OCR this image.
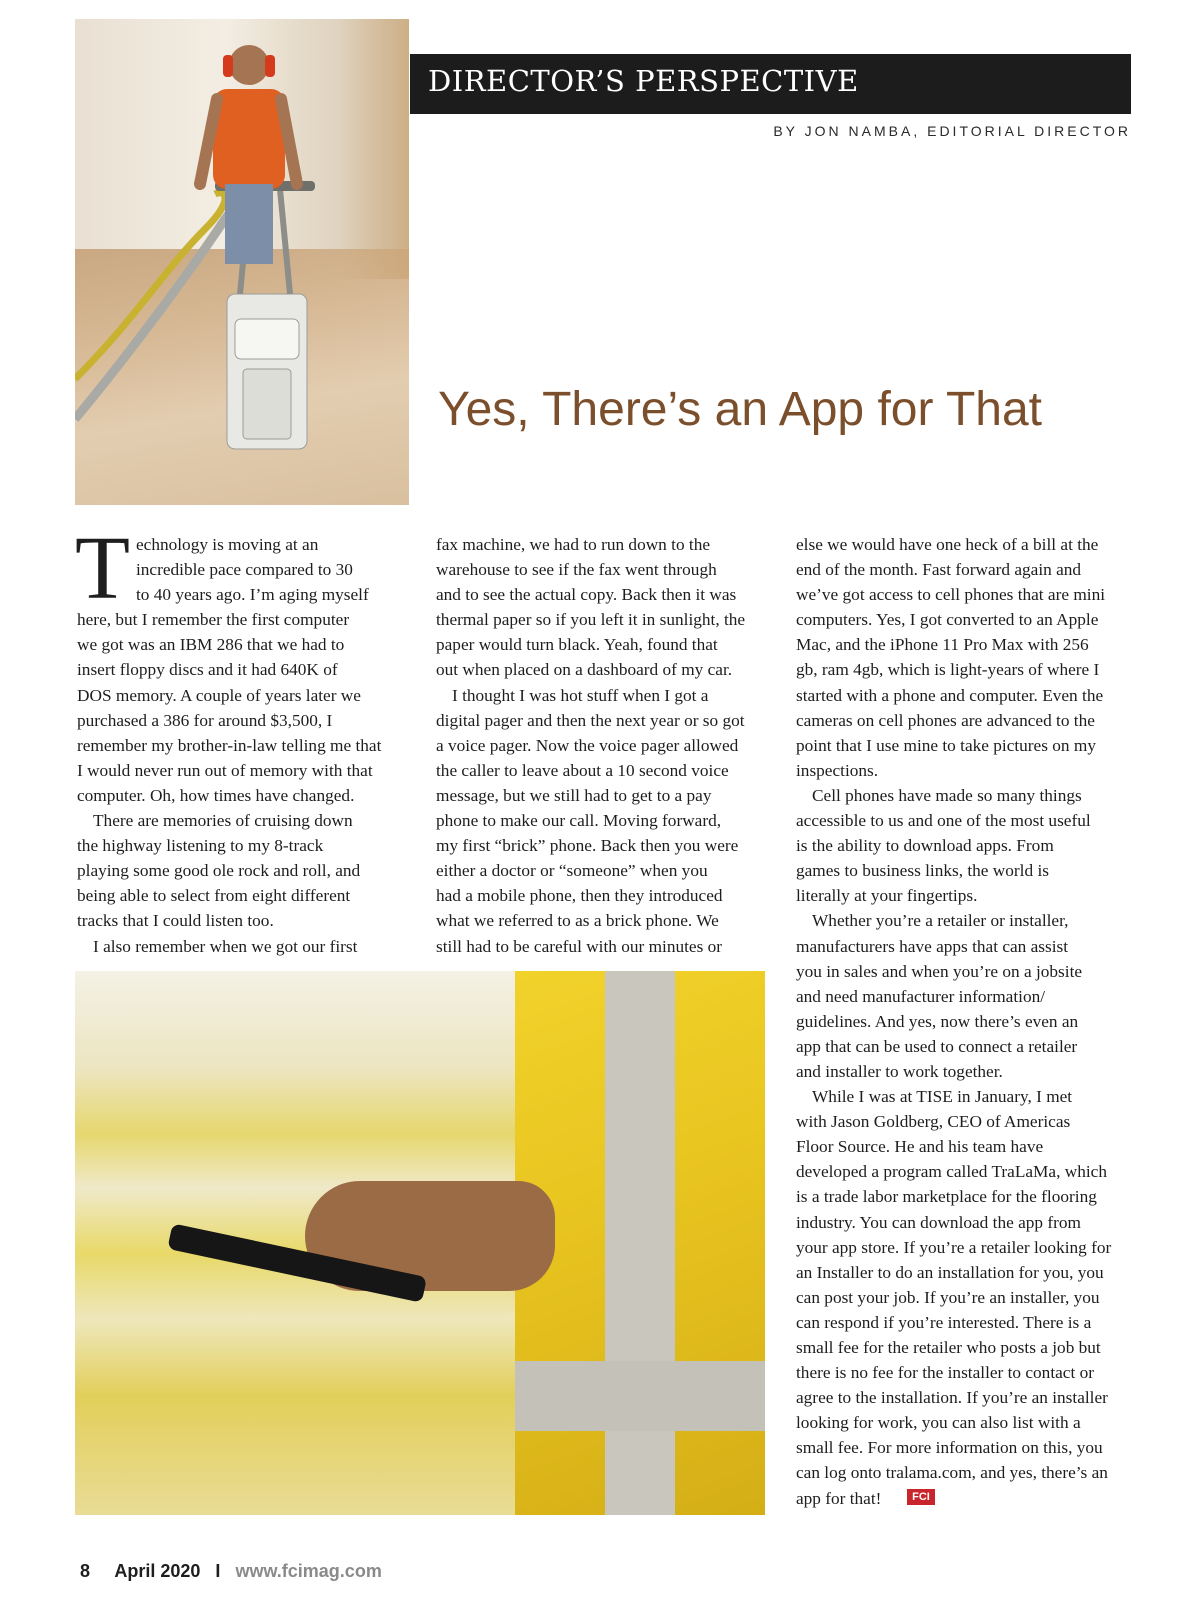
DIRECTOR’S PERSPECTIVE
BY JON NAMBA, EDITORIAL DIRECTOR
Yes, There’s an App for That

T echnology is moving at an
incredible pace compared to 30
to 40 years ago. I’m aging myself
here, but I remember the first computer
we got was an IBM 286 that we had to
insert floppy discs and it had 640K of
DOS memory. A couple of years later we
purchased a 386 for around $3,500, I
remember my brother-in-law telling me that
I would never run out of memory with that
computer. Oh, how times have changed.

There are memories of cruising down
the highway listening to my 8-track
playing some good ole rock and roll, and
being able to select from eight different
tracks that I could listen too.

I also remember when we got our first

fax machine, we had to run down to the
warehouse to see if the fax went through
and to see the actual copy. Back then it was
thermal paper so if you left it in sunlight, the
paper would turn black. Yeah, found that
out when placed on a dashboard of my car.

I thought I was hot stuff when I got a
digital pager and then the next year or so got
a voice pager. Now the voice pager allowed
the caller to leave about a 10 second voice
message, but we still had to get to a pay
phone to make our call. Moving forward,
my first “brick” phone. Back then you were
either a doctor or “someone” when you
had a mobile phone, then they introduced
what we referred to as a brick phone. We
still had to be careful with our minutes or

else we would have one heck of a bill at the
end of the month. Fast forward again and
we’ve got access to cell phones that are mini
computers. Yes, I got converted to an Apple
Mac, and the iPhone 11 Pro Max with 256
gb, ram 4gb, which is light-years of where I
started with a phone and computer. Even the
cameras on cell phones are advanced to the
point that I use mine to take pictures on my
inspections.

Cell phones have made so many things
accessible to us and one of the most useful
is the ability to download apps. From
games to business links, the world is
literally at your fingertips.

Whether you’re a retailer or installer,
manufacturers have apps that can assist
you in sales and when you’re on a jobsite
and need manufacturer information/
guidelines. And yes, now there’s even an
app that can be used to connect a retailer
and installer to work together.

While I was at TISE in January, I met
with Jason Goldberg, CEO of Americas
Floor Source. He and his team have
developed a program called TraLaMa, which
is a trade labor marketplace for the flooring
industry. You can download the app from
your app store. If you’re a retailer looking for
an Installer to do an installation for you, you
can post your job. If you’re an installer, you
can respond if you’re interested. There is a
small fee for the retailer who posts a job but
there is no fee for the installer to contact or
agree to the installation. If you’re an installer
looking for work, you can also list with a
small fee. For more information on this, you
can log onto tralama.com, and yes, there’s an
app for that!	FCI
8 April 2020 I www.fcimag.com
